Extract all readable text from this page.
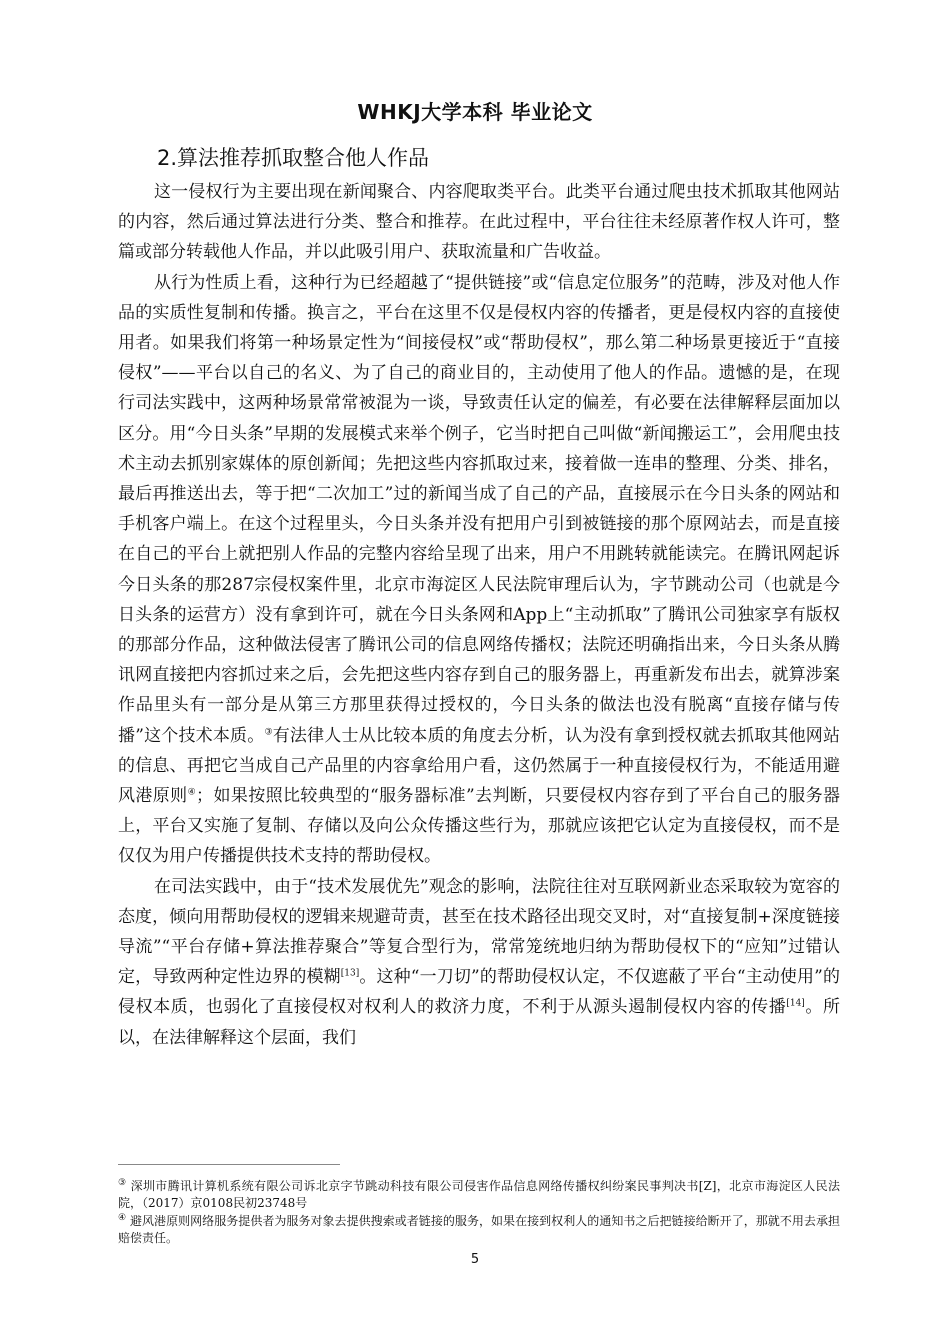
WHKJ大学本科 毕业论文
2.算法推荐抓取整合他人作品

这一侵权行为主要出现在新闻聚合、内容爬取类平台。此类平台通过爬虫技术抓取其他网站的内容，然后通过算法进行分类、整合和推荐。在此过程中，平台往往未经原著作权人许可，整篇或部分转载他人作品，并以此吸引用户、获取流量和广告收益。

从行为性质上看，这种行为已经超越了“提供链接”或“信息定位服务”的范畴，涉及对他人作品的实质性复制和传播。换言之，平台在这里不仅是侵权内容的传播者，更是侵权内容的直接使用者。如果我们将第一种场景定性为“间接侵权”或“帮助侵权”，那么第二种场景更接近于“直接侵权”——平台以自己的名义、为了自己的商业目的，主动使用了他人的作品。遗憾的是，在现行司法实践中，这两种场景常常被混为一谈，导致责任认定的偏差，有必要在法律解释层面加以区分。用“今日头条”早期的发展模式来举个例子，它当时把自己叫做“新闻搬运工”，会用爬虫技术主动去抓别家媒体的原创新闻；先把这些内容抓取过来，接着做一连串的整理、分类、排名，最后再推送出去，等于把“二次加工”过的新闻当成了自己的产品，直接展示在今日头条的网站和手机客户端上。在这个过程里头，今日头条并没有把用户引到被链接的那个原网站去，而是直接在自己的平台上就把别人作品的完整内容给呈现了出来，用户不用跳转就能读完。在腾讯网起诉今日头条的那287宗侵权案件里，北京市海淀区人民法院审理后认为，字节跳动公司（也就是今日头条的运营方）没有拿到许可，就在今日头条网和App上“主动抓取”了腾讯公司独家享有版权的那部分作品，这种做法侵害了腾讯公司的信息网络传播权；法院还明确指出来，今日头条从腾讯网直接把内容抓过来之后，会先把这些内容存到自己的服务器上，再重新发布出去，就算涉案作品里头有一部分是从第三方那里获得过授权的，今日头条的做法也没有脱离“直接存储与传播”这个技术本质。③有法律人士从比较本质的角度去分析，认为没有拿到授权就去抓取其他网站的信息、再把它当成自己产品里的内容拿给用户看，这仍然属于一种直接侵权行为，不能适用避风港原则④；如果按照比较典型的“服务器标准”去判断，只要侵权内容存到了平台自己的服务器上，平台又实施了复制、存储以及向公众传播这些行为，那就应该把它认定为直接侵权，而不是仅仅为用户传播提供技术支持的帮助侵权。

在司法实践中，由于“技术发展优先”观念的影响，法院往往对互联网新业态采取较为宽容的态度，倾向用帮助侵权的逻辑来规避苛责，甚至在技术路径出现交叉时，对“直接复制+深度链接导流”“平台存储+算法推荐聚合”等复合型行为，常常笼统地归纳为帮助侵权下的“应知”过错认定，导致两种定性边界的模糊[13]。这种“一刀切”的帮助侵权认定，不仅遮蔽了平台“主动使用”的侵权本质，也弱化了直接侵权对权利人的救济力度，不利于从源头遏制侵权内容的传播[14]。所以，在法律解释这个层面，我们

③ 深圳市腾讯计算机系统有限公司诉北京字节跳动科技有限公司侵害作品信息网络传播权纠纷案民事判决书[Z]，北京市海淀区人民法院，（2017）京0108民初23748号

④ 避风港原则网络服务提供者为服务对象去提供搜索或者链接的服务，如果在接到权利人的通知书之后把链接给断开了，那就不用去承担赔偿责任。

5
